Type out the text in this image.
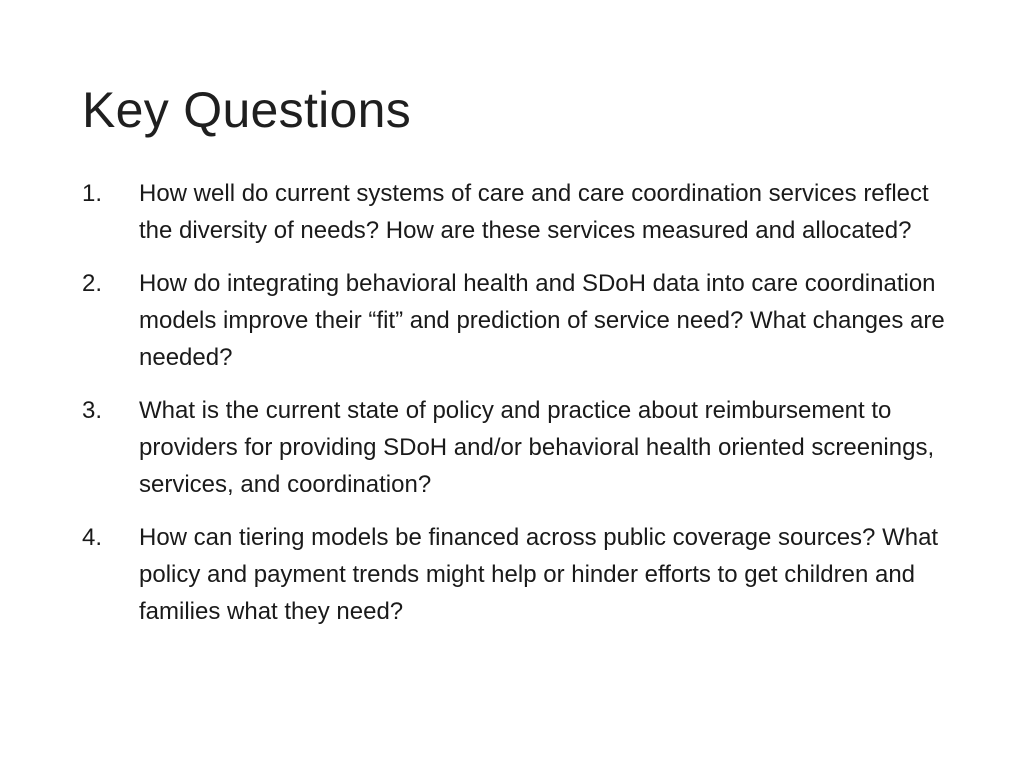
Key Questions
1.	How well do current systems of care and care coordination services reflect the diversity of needs? How are these services measured and allocated?
2.	How do integrating behavioral health and SDoH data into care coordination models improve their “fit” and prediction of service need? What changes are needed?
3.	What is the current state of policy and practice about reimbursement to providers for providing SDoH and/or behavioral health oriented screenings, services, and coordination?
4.	How can tiering models be financed across public coverage sources? What policy and payment trends might help or hinder efforts to get children and families what they need?
